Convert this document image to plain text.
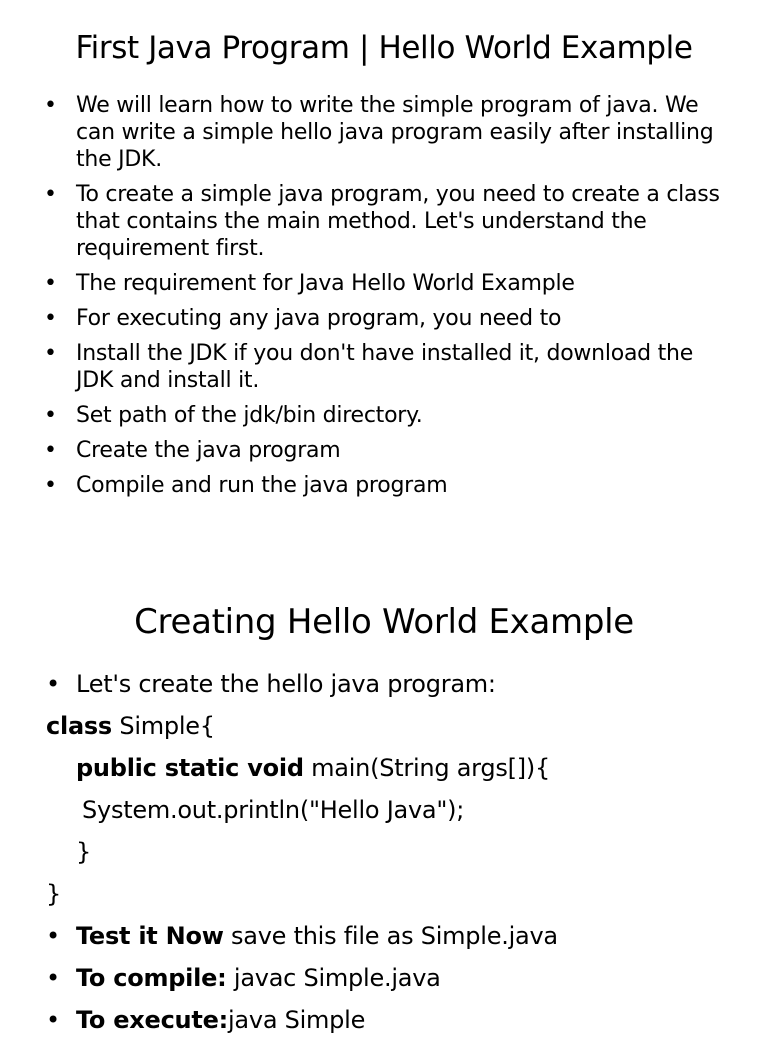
First Java Program | Hello World Example
• We will learn how to write the simple program of java. We can write a simple hello java program easily after installing the JDK.
• To create a simple java program, you need to create a class that contains the main method. Let's understand the requirement first.
• The requirement for Java Hello World Example
• For executing any java program, you need to
• Install the JDK if you don't have installed it, download the JDK and install it.
• Set path of the jdk/bin directory.
• Create the java program
• Compile and run the java program
Creating Hello World Example
• Let's create the hello java program:
class Simple{
public static void main(String args[]){
System.out.println("Hello Java");
}
}
• Test it Now save this file as Simple.java
• To compile: javac Simple.java
• To execute:java Simple
